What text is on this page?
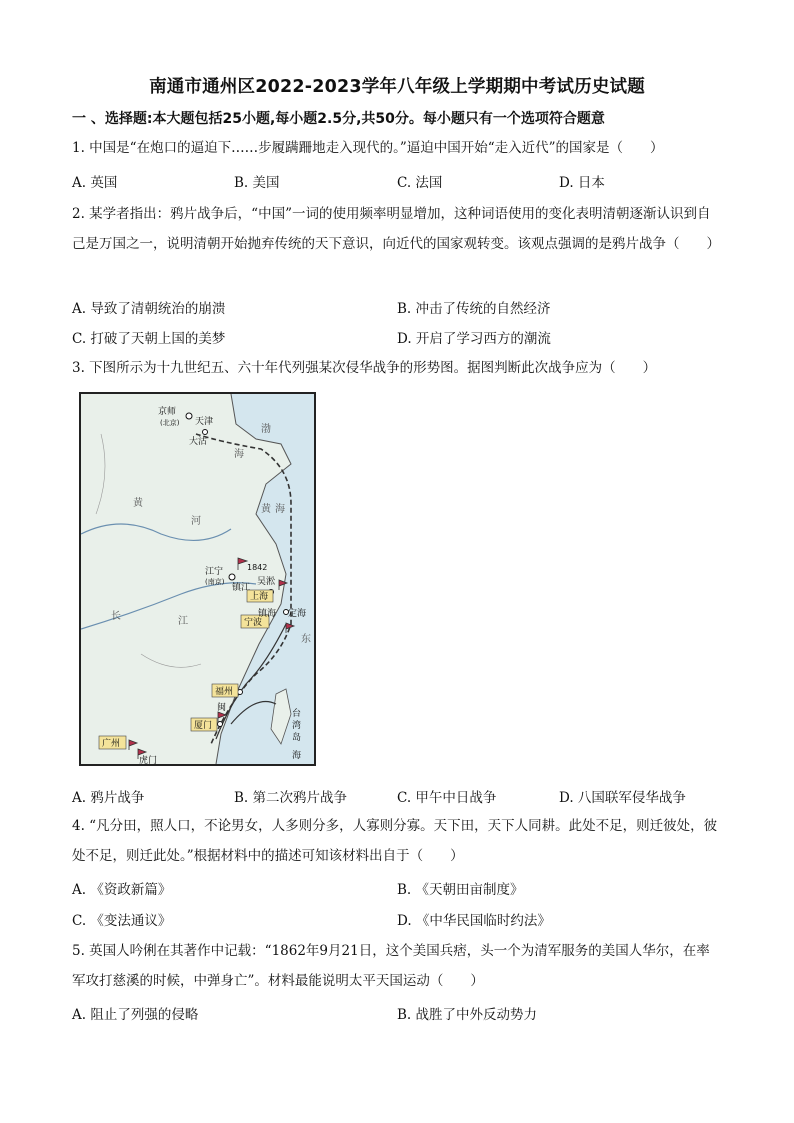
南通市通州区2022-2023学年八年级上学期期中考试历史试题
一 、选择题:本大题包括25小题,每小题2.5分,共50分。每小题只有一个选项符合题意
1. 中国是“在炮口的逼迫下……步履蹒跚地走入现代的。”逼迫中国开始“走入近代”的国家是（　　）
A. 英国	B. 美国	C. 法国	D. 日本
2. 某学者指出：鸦片战争后，“中国”一词的使用频率明显增加，这种词语使用的变化表明清朝逐渐认识到自己是万国之一，说明清朝开始抛弃传统的天下意识，向近代的国家观转变。该观点强调的是鸦片战争（　　）
A. 导致了清朝统治的崩溃	B. 冲击了传统的自然经济
C. 打破了天朝上国的美梦	D. 开启了学习西方的潮流
3. 下图所示为十九世纪五、六十年代列强某次侵华战争的形势图。据图判断此次战争应为（　　）
京师
(北京) 天津
大沽
渤
海
黄
河
黄 海
江宁
(南京)
1842
镇江
吴淞
上海
镇海 定海
宁波
长	江
东
福州
闽
厦门
广州
虎门
台
湾
岛
海
A. 鸦片战争	B. 第二次鸦片战争	C. 甲午中日战争	D. 八国联军侵华战争
4. “凡分田，照人口，不论男女，人多则分多，人寡则分寡。天下田，天下人同耕。此处不足，则迁彼处，彼处不足，则迁此处。”根据材料中的描述可知该材料出自于（　　）
A. 《资政新篇》	B. 《天朝田亩制度》
C. 《变法通议》	D. 《中华民国临时约法》
5. 英国人吟俐在其著作中记载：“1862年9月21日，这个美国兵痞，头一个为清军服务的美国人华尔，在率军攻打慈溪的时候，中弹身亡”。材料最能说明太平天国运动（　　）
A. 阻止了列强的侵略	B. 战胜了中外反动势力
